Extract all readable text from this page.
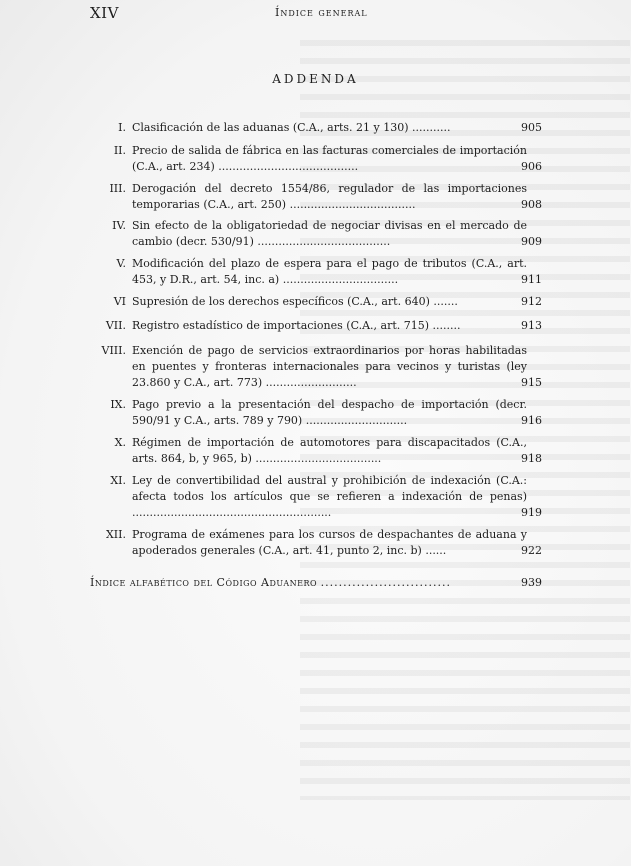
XIV	Índice general
ADDENDA
I. Clasificación de las aduanas (C.A., arts. 21 y 130) ...........	905
II. Precio de salida de fábrica en las facturas comerciales de importación (C.A., art. 234) ........................................	906
III. Derogación del decreto 1554/86, regulador de las importaciones temporarias (C.A., art. 250) ....................................	908
IV. Sin efecto de la obligatoriedad de negociar divisas en el mercado de cambio (decr. 530/91) ......................................	909
V. Modificación del plazo de espera para el pago de tributos (C.A., art. 453, y D.R., art. 54, inc. a) .................................	911
VI Supresión de los derechos específicos (C.A., art. 640) .......	912
VII. Registro estadístico de importaciones (C.A., art. 715) ........	913
VIII. Exención de pago de servicios extraordinarios por horas habilitadas en puentes y fronteras internacionales para vecinos y turistas (ley 23.860 y C.A., art. 773) ..........................	915
IX. Pago previo a la presentación del despacho de importación (decr. 590/91 y C.A., arts. 789 y 790) .............................	916
X. Régimen de importación de automotores para discapacitados (C.A., arts. 864, b, y 965, b) ....................................	918
XI. Ley de convertibilidad del austral y prohibición de indexación (C.A.: afecta todos los artículos que se refieren a indexación de penas) .........................................................	919
XII. Programa de exámenes para los cursos de despachantes de aduana y apoderados generales (C.A., art. 41, punto 2, inc. b) ......	922
Índice alfabético del Código Aduanero .............................	939
